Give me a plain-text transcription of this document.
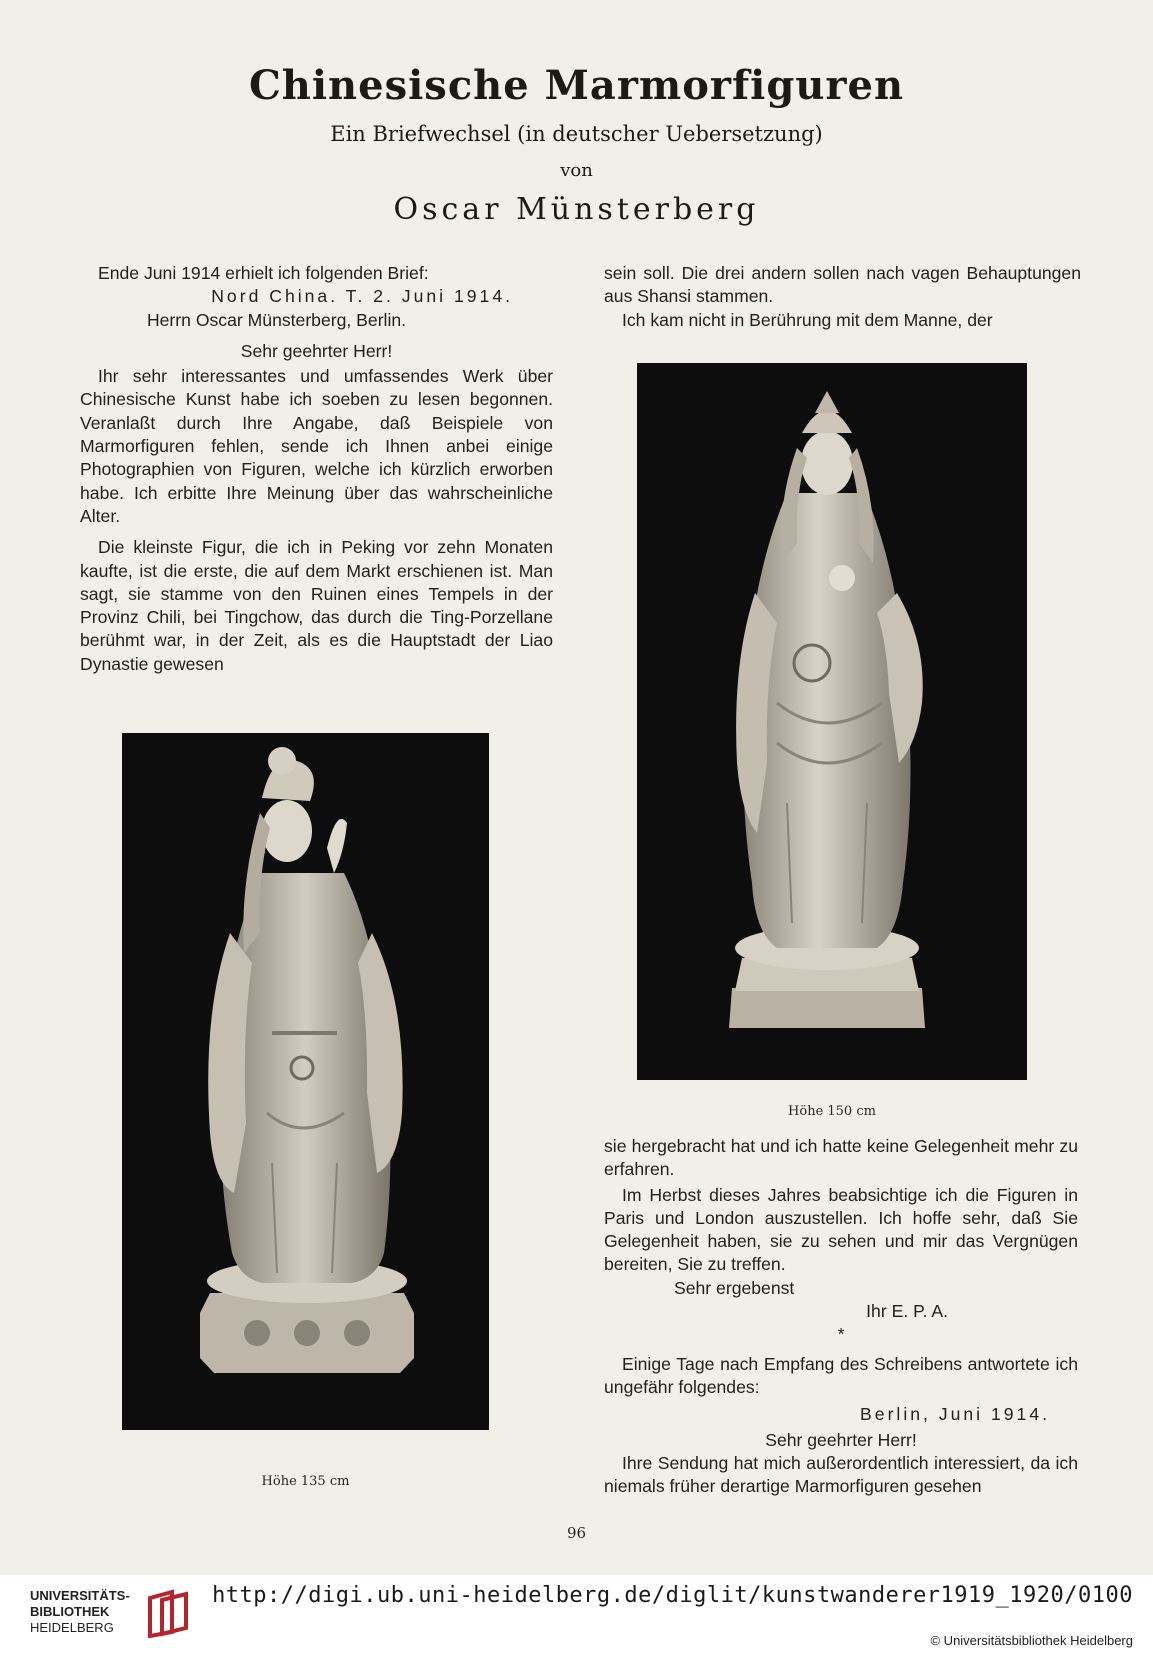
Chinesische Marmorfiguren
Ein Briefwechsel (in deutscher Uebersetzung)
von
Oscar Münsterberg

Ende Juni 1914 erhielt ich folgenden Brief:

Nord China. T. 2. Juni 1914.

Herrn Oscar Münsterberg, Berlin.

Sehr geehrter Herr!

Ihr sehr interessantes und umfassendes Werk über Chinesische Kunst habe ich soeben zu lesen begonnen. Veranlaßt durch Ihre Angabe, daß Beispiele von Marmorfiguren fehlen, sende ich Ihnen anbei einige Photographien von Figuren, welche ich kürzlich erworben habe. Ich erbitte Ihre Meinung über das wahrscheinliche Alter.

Die kleinste Figur, die ich in Peking vor zehn Monaten kaufte, ist die erste, die auf dem Markt erschienen ist. Man sagt, sie stamme von den Ruinen eines Tempels in der Provinz Chili, bei Tingchow, das durch die Ting-Porzellane berühmt war, in der Zeit, als es die Hauptstadt der Liao Dynastie gewesen

sein soll. Die drei andern sollen nach vagen Behauptungen aus Shansi stammen.

Ich kam nicht in Berührung mit dem Manne, der

Höhe 150 cm
Höhe 135 cm

sie hergebracht hat und ich hatte keine Gelegenheit mehr zu erfahren.

Im Herbst dieses Jahres beabsichtige ich die Figuren in Paris und London auszustellen. Ich hoffe sehr, daß Sie Gelegenheit haben, sie zu sehen und mir das Vergnügen bereiten, Sie zu treffen.

Sehr ergebenst

Ihr E. P. A.

*

Einige Tage nach Empfang des Schreibens antwortete ich ungefähr folgendes:

Berlin, Juni 1914.

Sehr geehrter Herr!

Ihre Sendung hat mich außerordentlich interessiert, da ich niemals früher derartige Marmorfiguren gesehen

96
UNIVERSITÄTS-
BIBLIOTHEK
HEIDELBERG
http://digi.ub.uni-heidelberg.de/diglit/kunstwanderer1919_1920/0100
© Universitätsbibliothek Heidelberg
